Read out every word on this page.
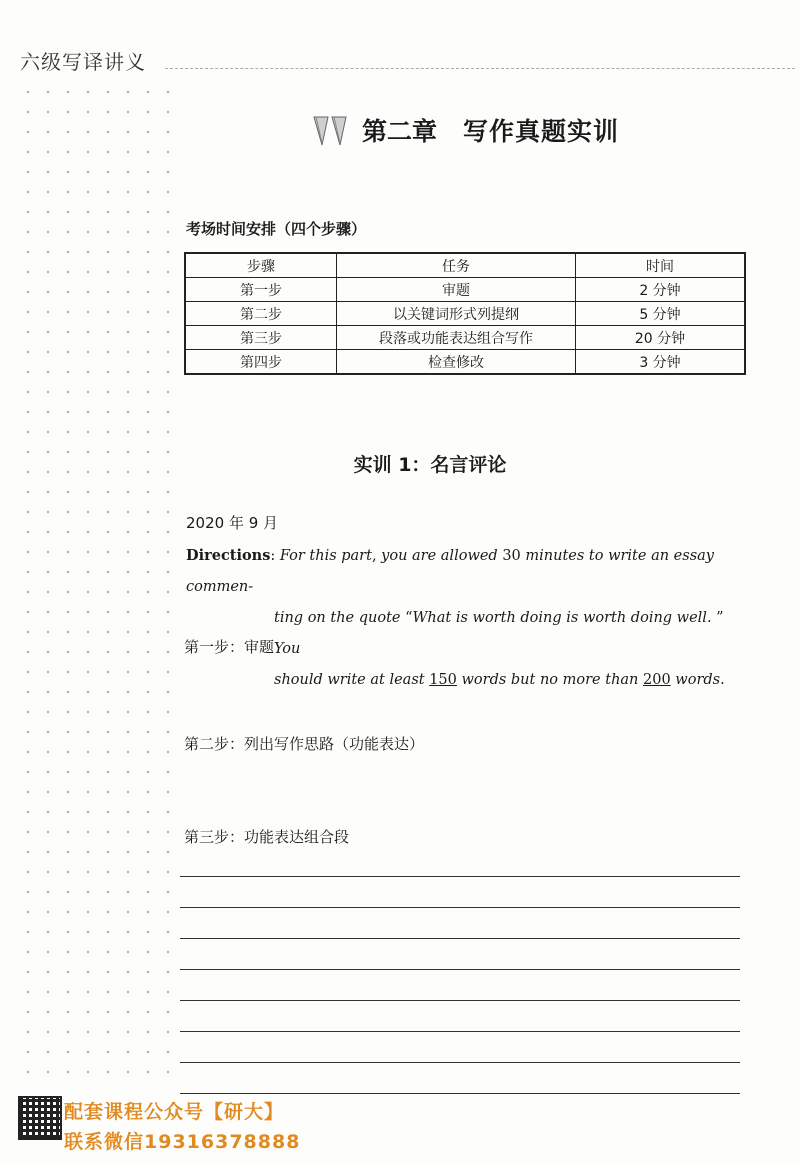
六级写译讲义
第二章 写作真题实训
考场时间安排（四个步骤）
步骤	任务	时间
第一步	审题	2 分钟
第二步	以关键词形式列提纲	5 分钟
第三步	段落或功能表达组合写作	20 分钟
第四步	检查修改	3 分钟
实训 1：名言评论
2020 年 9 月
Directions: For this part, you are allowed 30 minutes to write an essay commen-
ting on the quote “What is worth doing is worth doing well. ” You
should write at least 150 words but no more than 200 words.
第一步：审题
第二步：列出写作思路（功能表达）
第三步：功能表达组合段
配套课程公众号【研大】
联系微信19316378888
